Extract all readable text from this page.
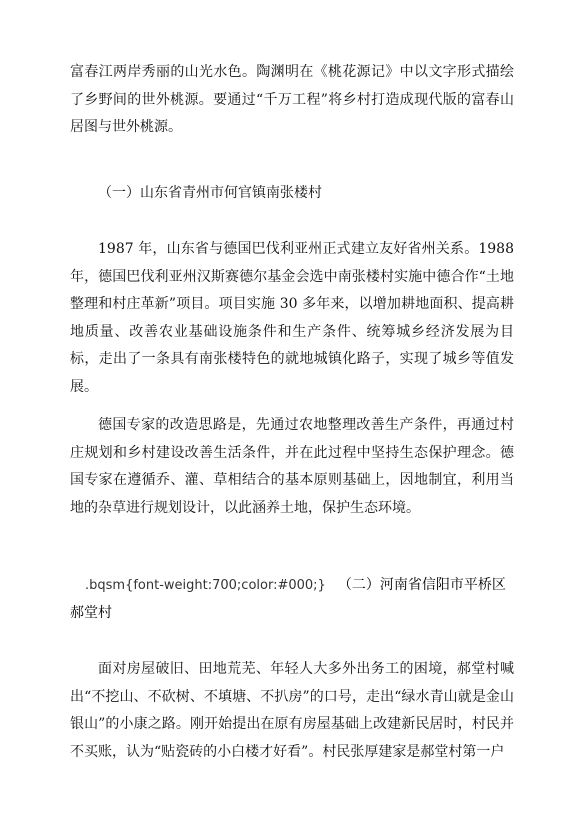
富春江两岸秀丽的山光水色。陶渊明在《桃花源记》中以文字形式描绘了乡野间的世外桃源。要通过“千万工程”将乡村打造成现代版的富春山居图与世外桃源。

（一）山东省青州市何官镇南张楼村

1987 年，山东省与德国巴伐利亚州正式建立友好省州关系。1988 年，德国巴伐利亚州汉斯赛德尔基金会选中南张楼村实施中德合作“土地整理和村庄革新”项目。项目实施 30 多年来，以增加耕地面积、提高耕地质量、改善农业基础设施条件和生产条件、统筹城乡经济发展为目标，走出了一条具有南张楼特色的就地城镇化路子，实现了城乡等值发展。

德国专家的改造思路是，先通过农地整理改善生产条件，再通过村庄规划和乡村建设改善生活条件，并在此过程中坚持生态保护理念。德国专家在遵循乔、灌、草相结合的基本原则基础上，因地制宜，利用当地的杂草进行规划设计，以此涵养土地，保护生态环境。

.bqsm{font-weight:700;color:#000;} （二）河南省信阳市平桥区郝堂村

面对房屋破旧、田地荒芜、年轻人大多外出务工的困境，郝堂村喊出“不挖山、不砍树、不填塘、不扒房”的口号，走出“绿水青山就是金山银山”的小康之路。刚开始提出在原有房屋基础上改建新民居时，村民并不买账，认为“贴瓷砖的小白楼才好看”。村民张厚建家是郝堂村第一户
